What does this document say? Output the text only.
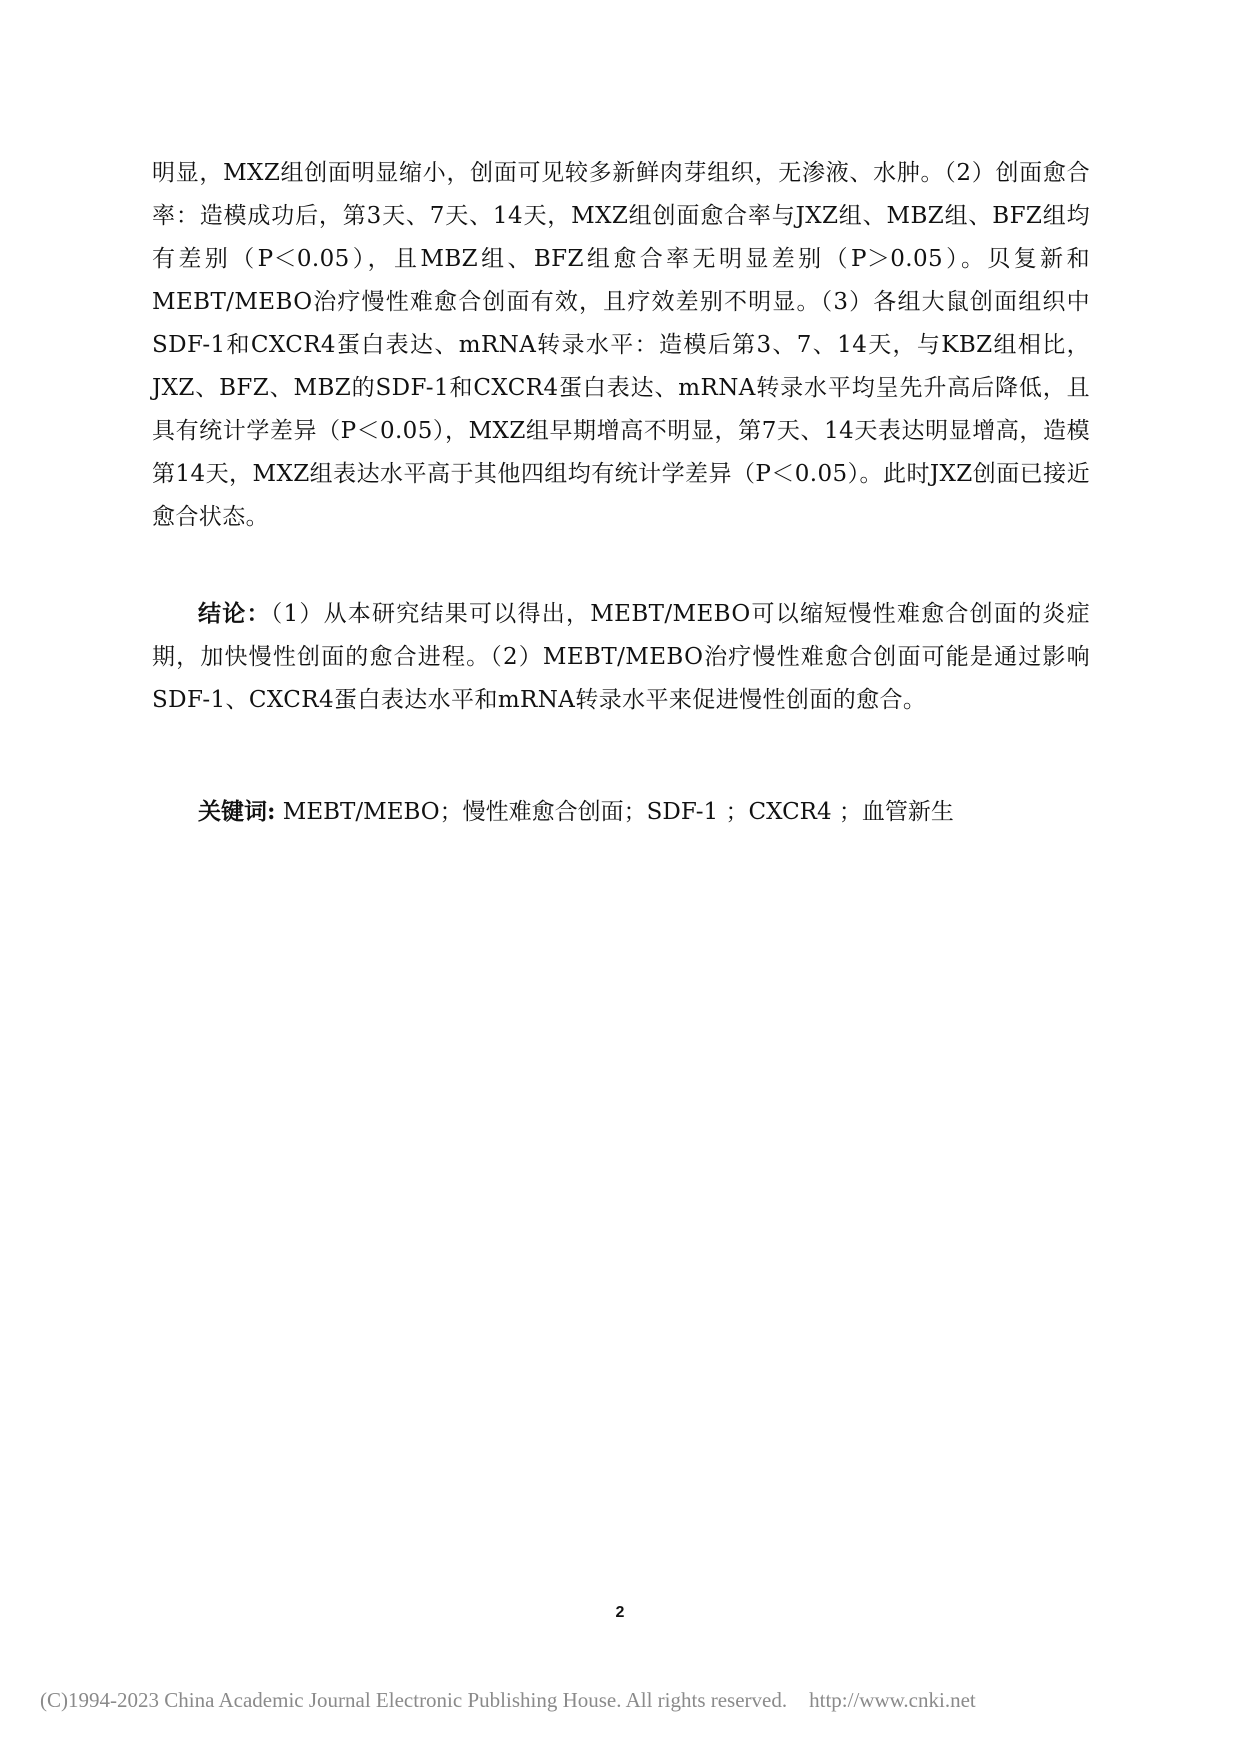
明显，MXZ组创面明显缩小，创面可见较多新鲜肉芽组织，无渗液、水肿。（2）创面愈合率：造模成功后，第3天、7天、14天，MXZ组创面愈合率与JXZ组、MBZ组、BFZ组均有差别（P＜0.05），且MBZ组、BFZ组愈合率无明显差别（P＞0.05）。贝复新和MEBT/MEBO治疗慢性难愈合创面有效，且疗效差别不明显。（3）各组大鼠创面组织中 SDF-1和CXCR4蛋白表达、mRNA转录水平：造模后第3、7、14天，与KBZ组相比，JXZ、BFZ、MBZ的SDF-1和CXCR4蛋白表达、mRNA转录水平均呈先升高后降低，且具有统计学差异（P＜0.05），MXZ组早期增高不明显，第7天、14天表达明显增高，造模第14天，MXZ组表达水平高于其他四组均有统计学差异（P＜0.05）。此时JXZ创面已接近愈合状态。

结论：（1）从本研究结果可以得出，MEBT/MEBO可以缩短慢性难愈合创面的炎症期，加快慢性创面的愈合进程。（2）MEBT/MEBO治疗慢性难愈合创面可能是通过影响SDF-1、CXCR4蛋白表达水平和mRNA转录水平来促进慢性创面的愈合。

关键词: MEBT/MEBO；慢性难愈合创面；SDF-1 ；CXCR4 ；血管新生
2
(C)1994-2023 China Academic Journal Electronic Publishing House. All rights reserved. http://www.cnki.net
